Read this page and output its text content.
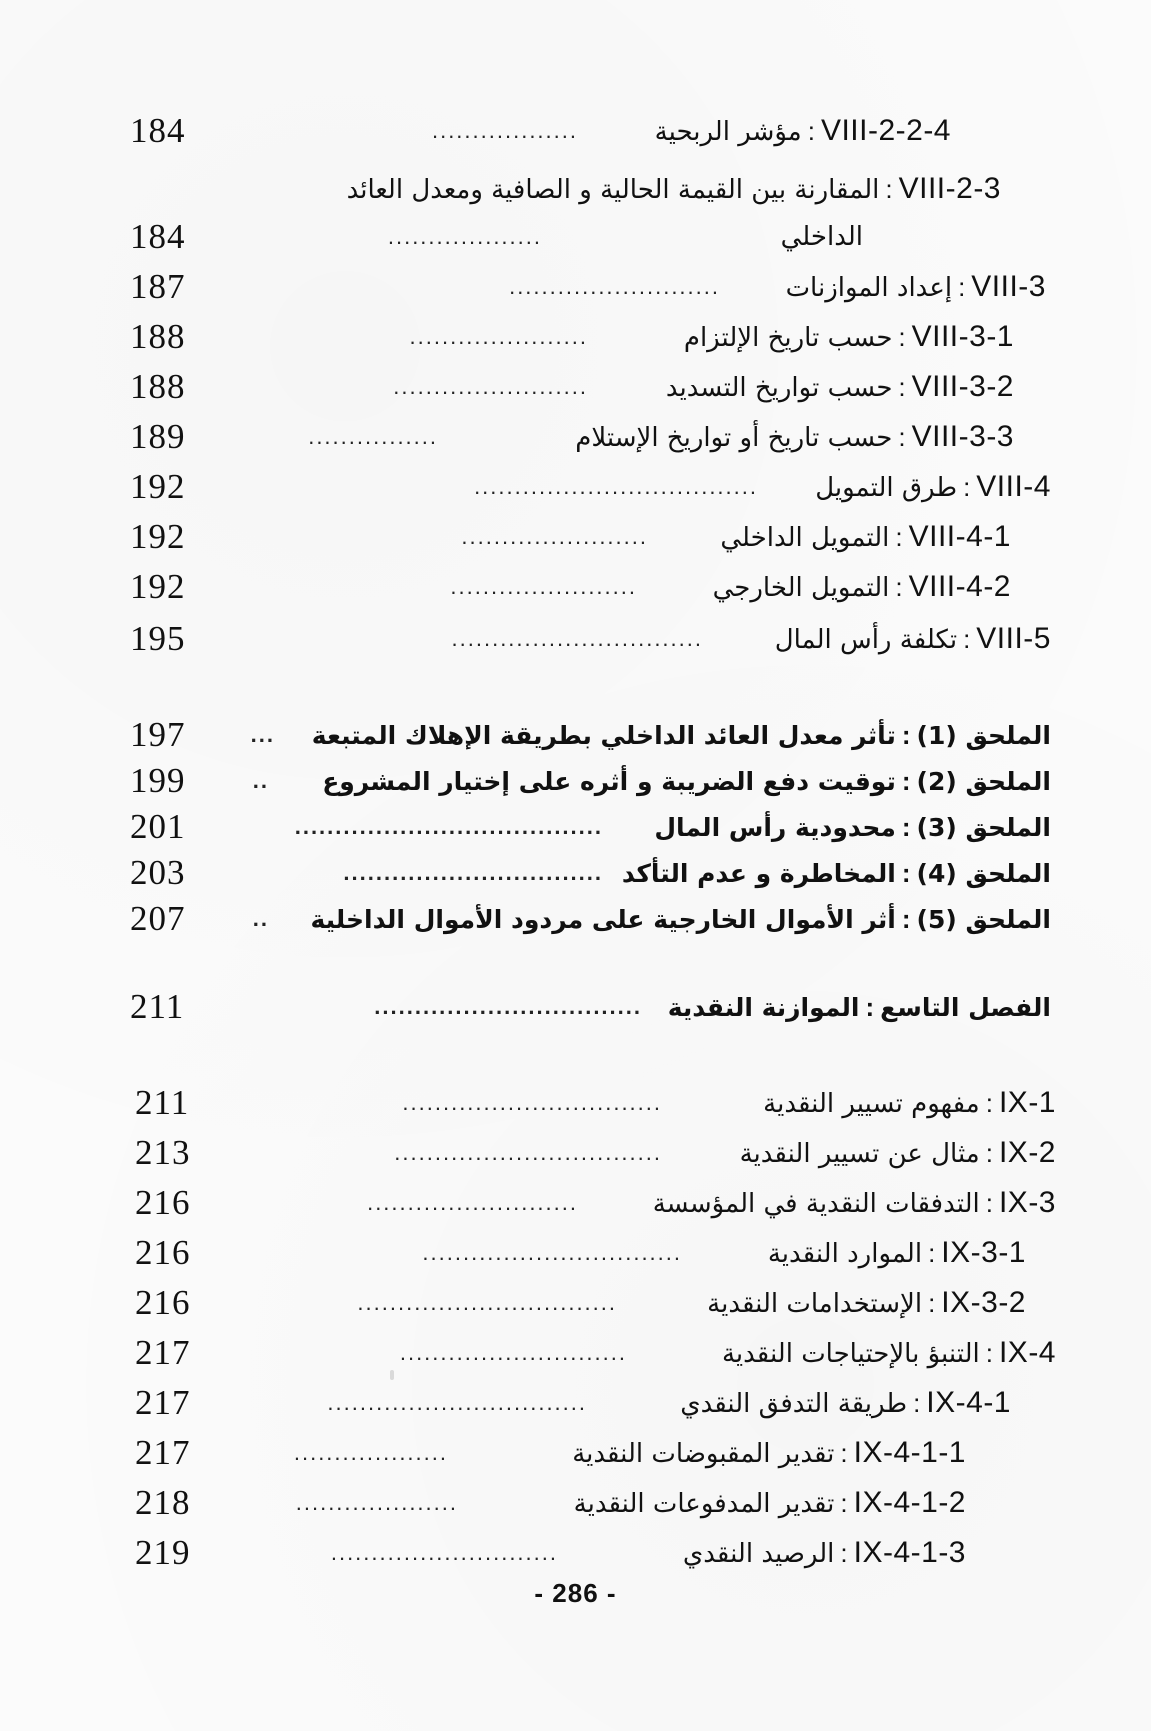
184	..................	VIII-2-2-4:مؤشر الربحية
VIII-2-3:المقارنة بين القيمة الحالية و الصافية ومعدل العائد
184	...................	الداخلي
187	..........................	VIII-3:إعداد الموازنات
188	......................	VIII-3-1:حسب تاريخ الإلتزام
188	........................	VIII-3-2:حسب تواريخ التسديد
189	................	VIII-3-3:حسب تاريخ أو تواريخ الإستلام
192	...................................	VIII-4:طرق التمويل
192	.......................	VIII-4-1:التمويل الداخلي
192	.......................	VIII-4-2:التمويل الخارجي
195	...............................	VIII-5:تكلفة رأس المال
197	...	الملحق (1):تأثر معدل العائد الداخلي بطريقة الإهلاك المتبعة
199	..	الملحق (2):توقيت دفع الضريبة و أثره على إختيار المشروع
201	......................................	الملحق (3):محدودية رأس المال
203	................................	الملحق (4):المخاطرة و عدم التأكد
207	..	الملحق (5):أثر الأموال الخارجية على مردود الأموال الداخلية
211	.................................	الفصل التاسع:الموازنة النقدية
211	................................	IX-1:مفهوم تسيير النقدية
213	.................................	IX-2:مثال عن تسيير النقدية
216	..........................	IX-3:التدفقات النقدية في المؤسسة
216	................................	IX-3-1:الموارد النقدية
216	................................	IX-3-2:الإستخدامات النقدية
217	............................	IX-4:التنبؤ بالإحتياجات النقدية
217	................................	IX-4-1:طريقة التدفق النقدي
217	...................	IX-4-1-1:تقدير المقبوضات النقدية
218	....................	IX-4-1-2:تقدير المدفوعات النقدية
219	............................	IX-4-1-3:الرصيد النقدي
- 286 -
